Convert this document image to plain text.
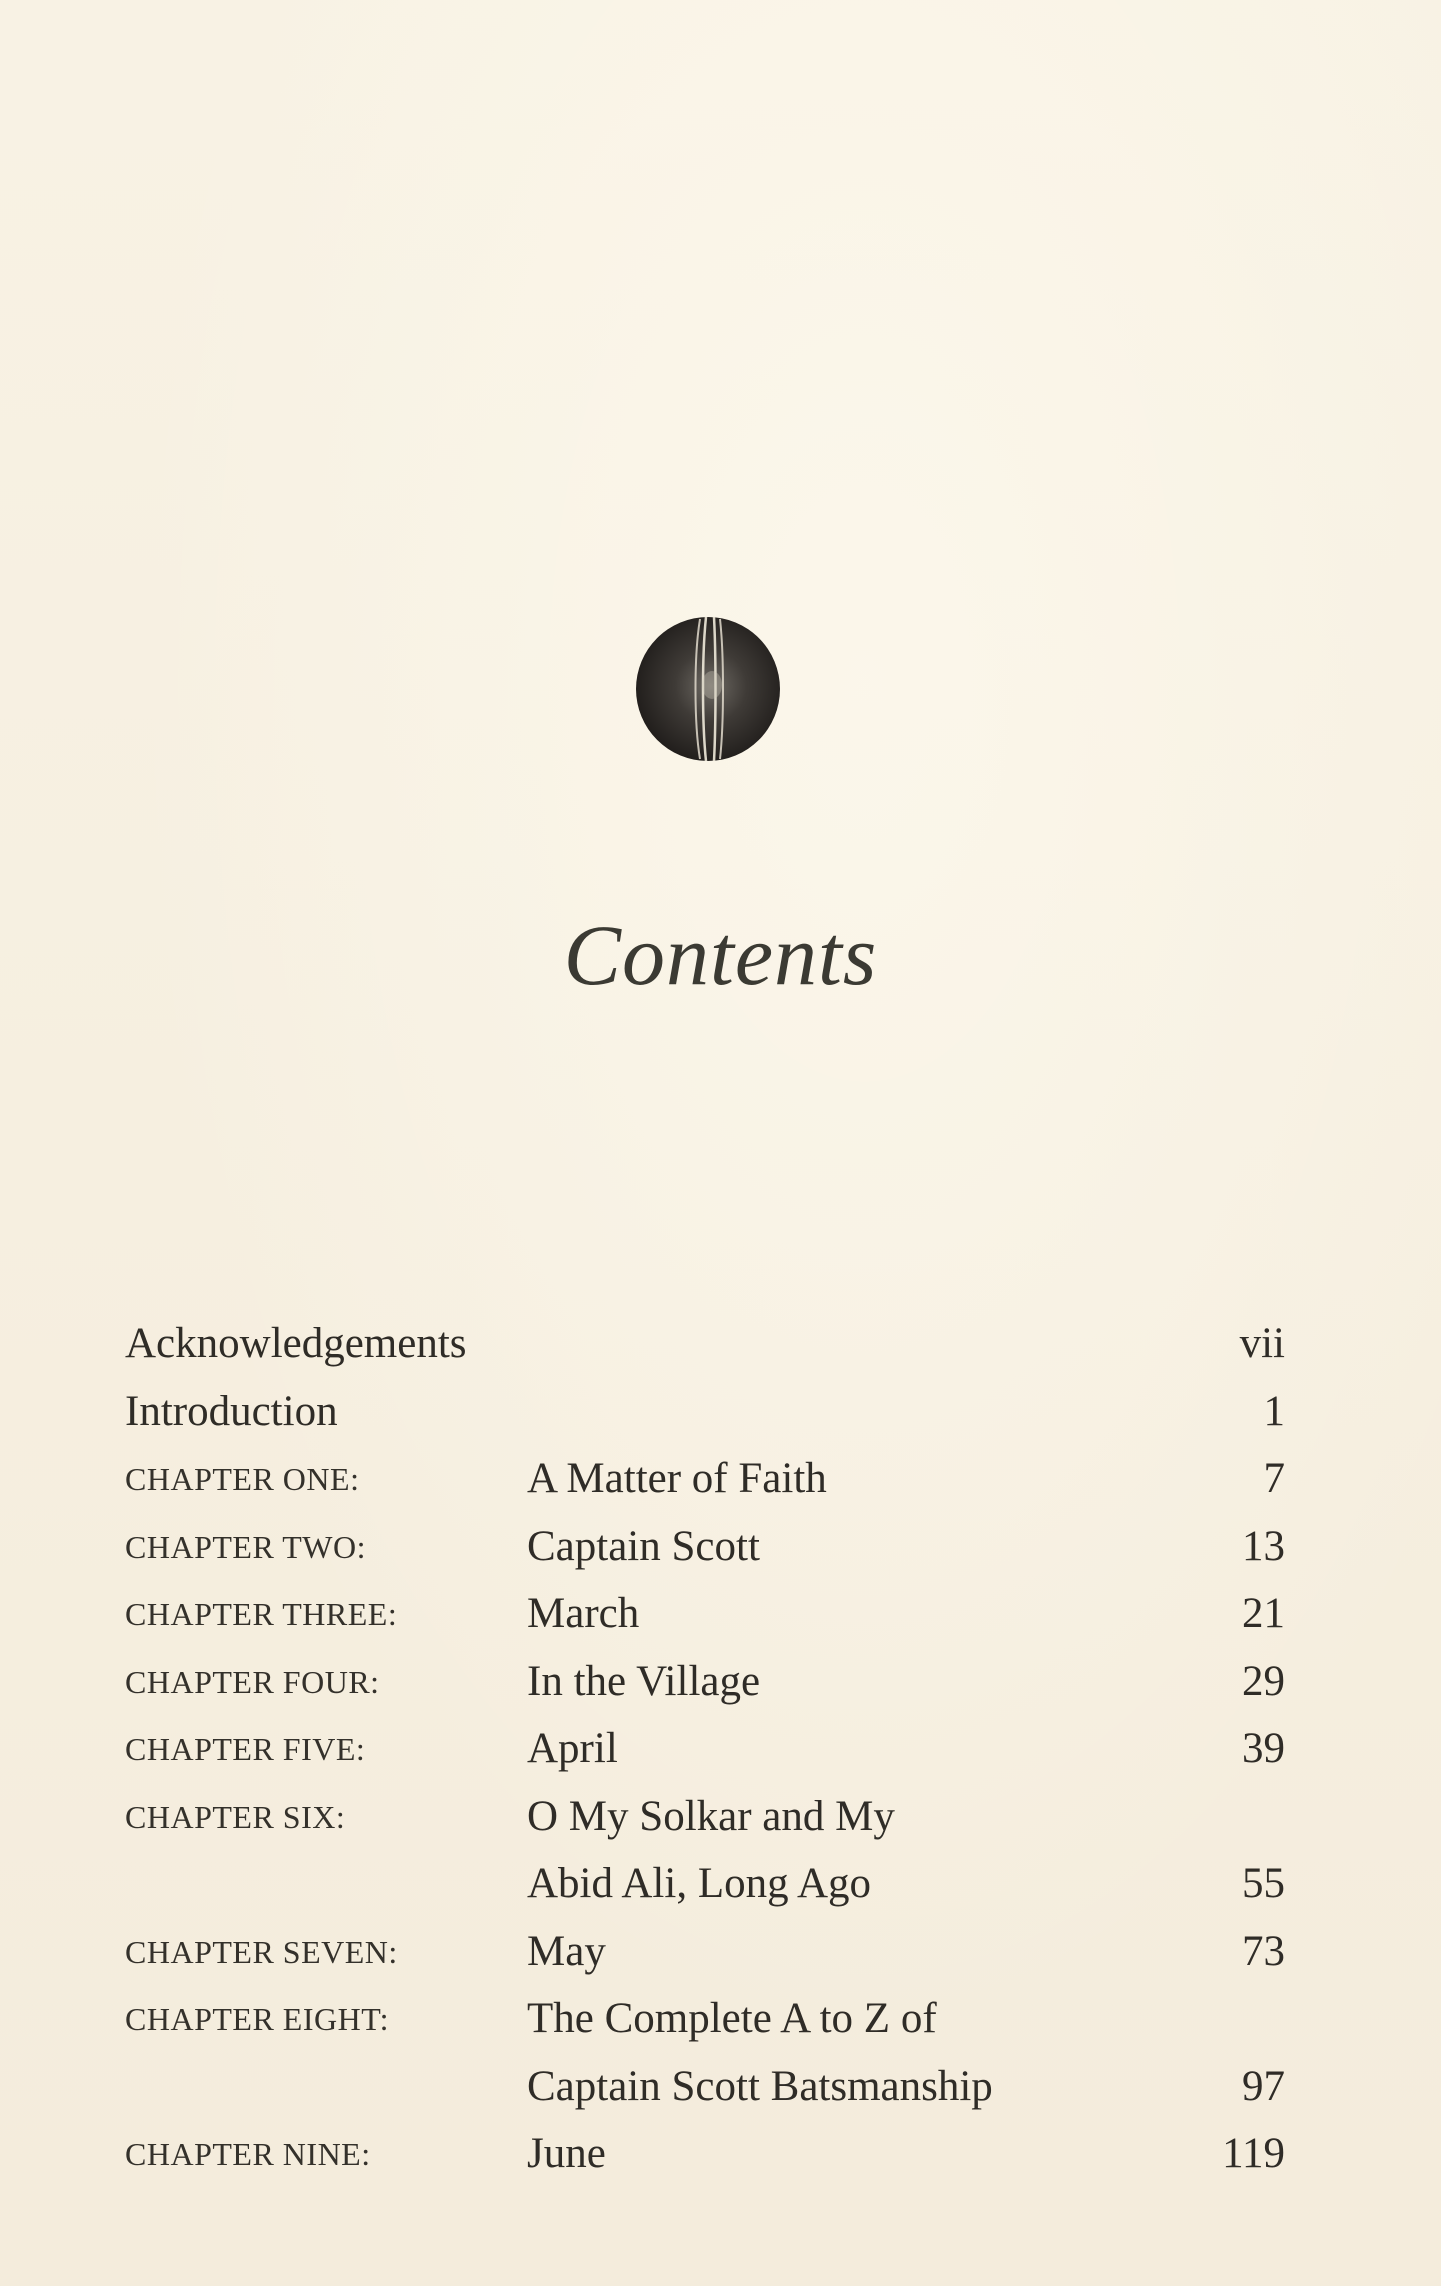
Contents
Acknowledgements	vii
Introduction	1
CHAPTER ONE:	A Matter of Faith	7
CHAPTER TWO:	Captain Scott	13
CHAPTER THREE:	March	21
CHAPTER FOUR:	In the Village	29
CHAPTER FIVE:	April	39
CHAPTER SIX:	O My Solkar and My
Abid Ali, Long Ago	55
CHAPTER SEVEN:	May	73
CHAPTER EIGHT:	The Complete A to Z of
Captain Scott Batsmanship	97
CHAPTER NINE:	June	119
